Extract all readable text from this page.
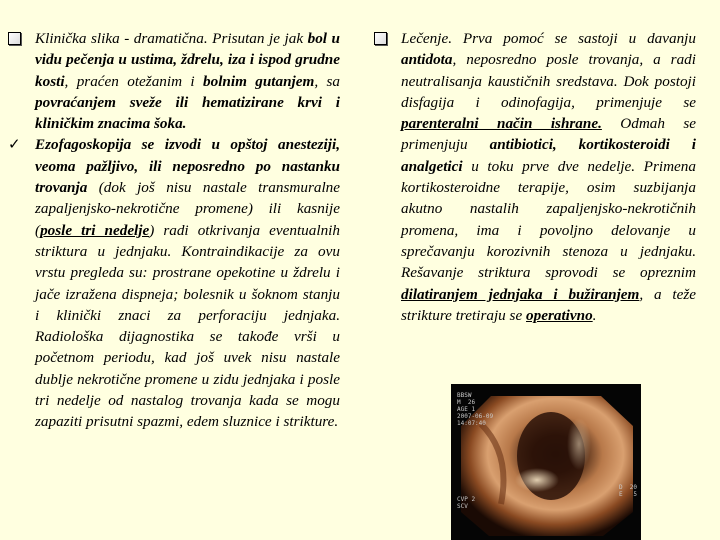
Klinička slika - dramatična. Prisutan je jak bol u vidu pečenja u ustima, ždrelu, iza i ispod grudne kosti, praćen otežanim i bolnim gutanjem, sa povraćanjem sveže ili hematizirane krvi i kliničkim znacima šoka.

✓ Ezofagoskopija se izvodi u opštoj anesteziji, veoma pažljivo, ili neposredno po nastanku trovanja (dok još nisu nastale transmuralne zapaljenjsko-nekrotične promene) ili kasnije (posle tri nedelje) radi otkrivanja eventualnih striktura u jednjaku. Kontraindikacije za ovu vrstu pregleda su: prostrane opekotine u ždrelu i jače izražena dispneja; bolesnik u šoknom stanju i klinički znaci za perforaciju jednjaka. Radiološka dijagnostika se takođe vrši u početnom periodu, kad još uvek nisu nastale dublje nekrotične promene u zidu jednjaka i posle tri nedelje od nastalog trovanja kada se mogu zapaziti prisutni spazmi, edem sluznice i strikture.

Lečenje. Prva pomoć se sastoji u davanju antidota, neposredno posle trovanja, a radi neutralisanja kaustičnih sredstava. Dok postoji disfagija i odinofagija, primenjuje se parenteralni način ishrane. Odmah se primenjuju antibiotici, kortikosteroidi i analgetici u toku prve dve nedelje. Primena kortikosteroidne terapije, osim suzbijanja akutno nastalih zapaljenjsko-nekrotičnih promena, ima i povoljno delovanje u sprečavanju korozivnih stenoza u jednjaku. Rešavanje striktura sprovodi se opreznim dilatiranjem jednjaka i bužiranjem, a teže strikture tretiraju se operativno.

BBSW
M  26
AGE 1
2007-06-09
14:07:40
CVP 2
SCV
D  20
E   5
